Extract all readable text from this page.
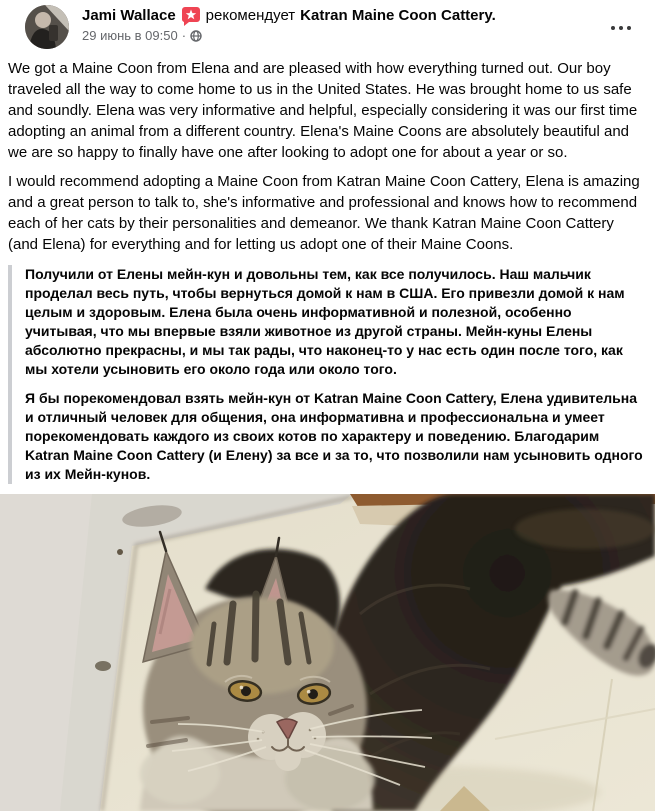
Jami Wallace рекомендует Katran Maine Coon Cattery.
29 июнь в 09:50 ·

We got a Maine Coon from Elena and are pleased with how everything turned out. Our boy traveled all the way to come home to us in the United States. He was brought home to us safe and soundly. Elena was very informative and helpful, especially considering it was our first time adopting an animal from a different country. Elena's Maine Coons are absolutely beautiful and we are so happy to finally have one after looking to adopt one for about a year or so.

I would recommend adopting a Maine Coon from Katran Maine Coon Cattery, Elena is amazing and a great person to talk to, she's informative and professional and knows how to recommend each of her cats by their personalities and demeanor. We thank Katran Maine Coon Cattery (and Elena) for everything and for letting us adopt one of their Maine Coons.

Получили от Елены мейн-кун и довольны тем, как все получилось. Наш мальчик проделал весь путь, чтобы вернуться домой к нам в США. Его привезли домой к нам целым и здоровым. Елена была очень информативной и полезной, особенно учитывая, что мы впервые взяли животное из другой страны. Мейн-куны Елены абсолютно прекрасны, и мы так рады, что наконец-то у нас есть один после того, как мы хотели усыновить его около года или около того.

Я бы порекомендовал взять мейн-кун от Katran Maine Coon Cattery, Елена удивительна и отличный человек для общения, она информативна и профессиональна и умеет порекомендовать каждого из своих котов по характеру и поведению. Благодарим Katran Maine Coon Cattery (и Елену) за все и за то, что позволили нам усыновить одного из их Мейн-кунов.
